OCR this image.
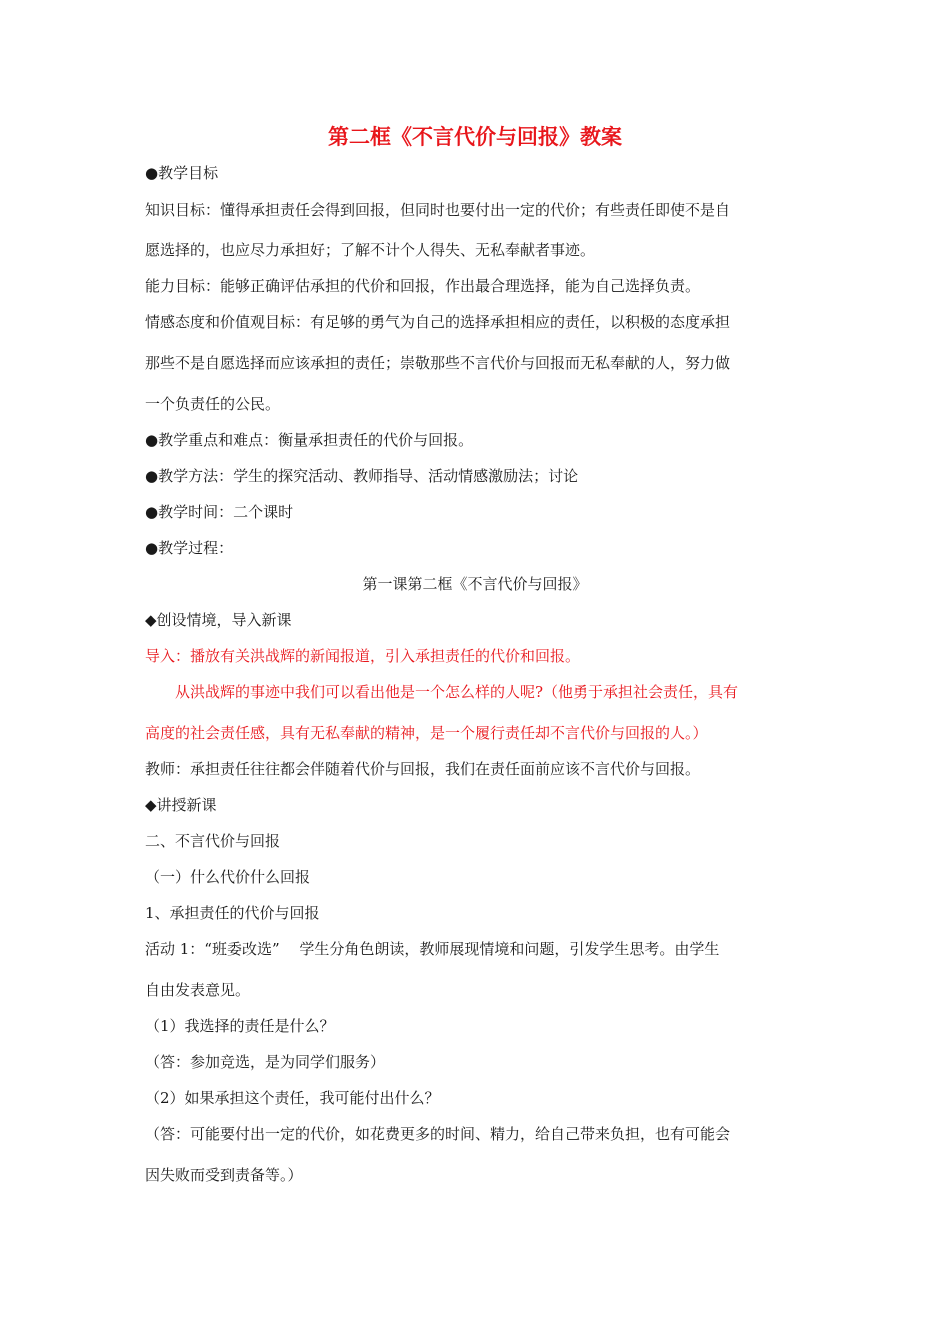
第二框《不言代价与回报》教案

●教学目标

知识目标：懂得承担责任会得到回报，但同时也要付出一定的代价；有些责任即使不是自

愿选择的，也应尽力承担好；了解不计个人得失、无私奉献者事迹。

能力目标：能够正确评估承担的代价和回报，作出最合理选择，能为自己选择负责。

情感态度和价值观目标：有足够的勇气为自己的选择承担相应的责任，以积极的态度承担

那些不是自愿选择而应该承担的责任；崇敬那些不言代价与回报而无私奉献的人，努力做

一个负责任的公民。

●教学重点和难点：衡量承担责任的代价与回报。

●教学方法：学生的探究活动、教师指导、活动情感激励法；讨论

●教学时间：二个课时

●教学过程：

第一课第二框《不言代价与回报》

◆创设情境，导入新课

导入：播放有关洪战辉的新闻报道，引入承担责任的代价和回报。

从洪战辉的事迹中我们可以看出他是一个怎么样的人呢?（他勇于承担社会责任，具有

高度的社会责任感，具有无私奉献的精神，是一个履行责任却不言代价与回报的人。）

教师：承担责任往往都会伴随着代价与回报，我们在责任面前应该不言代价与回报。

◆讲授新课

二、不言代价与回报

（一）什么代价什么回报

1、承担责任的代价与回报

活动 1：“班委改选”　 学生分角色朗读，教师展现情境和问题，引发学生思考。由学生

自由发表意见。

（1）我选择的责任是什么？

（答：参加竞选，是为同学们服务）

（2）如果承担这个责任，我可能付出什么？

（答：可能要付出一定的代价，如花费更多的时间、精力，给自己带来负担，也有可能会

因失败而受到责备等。）
